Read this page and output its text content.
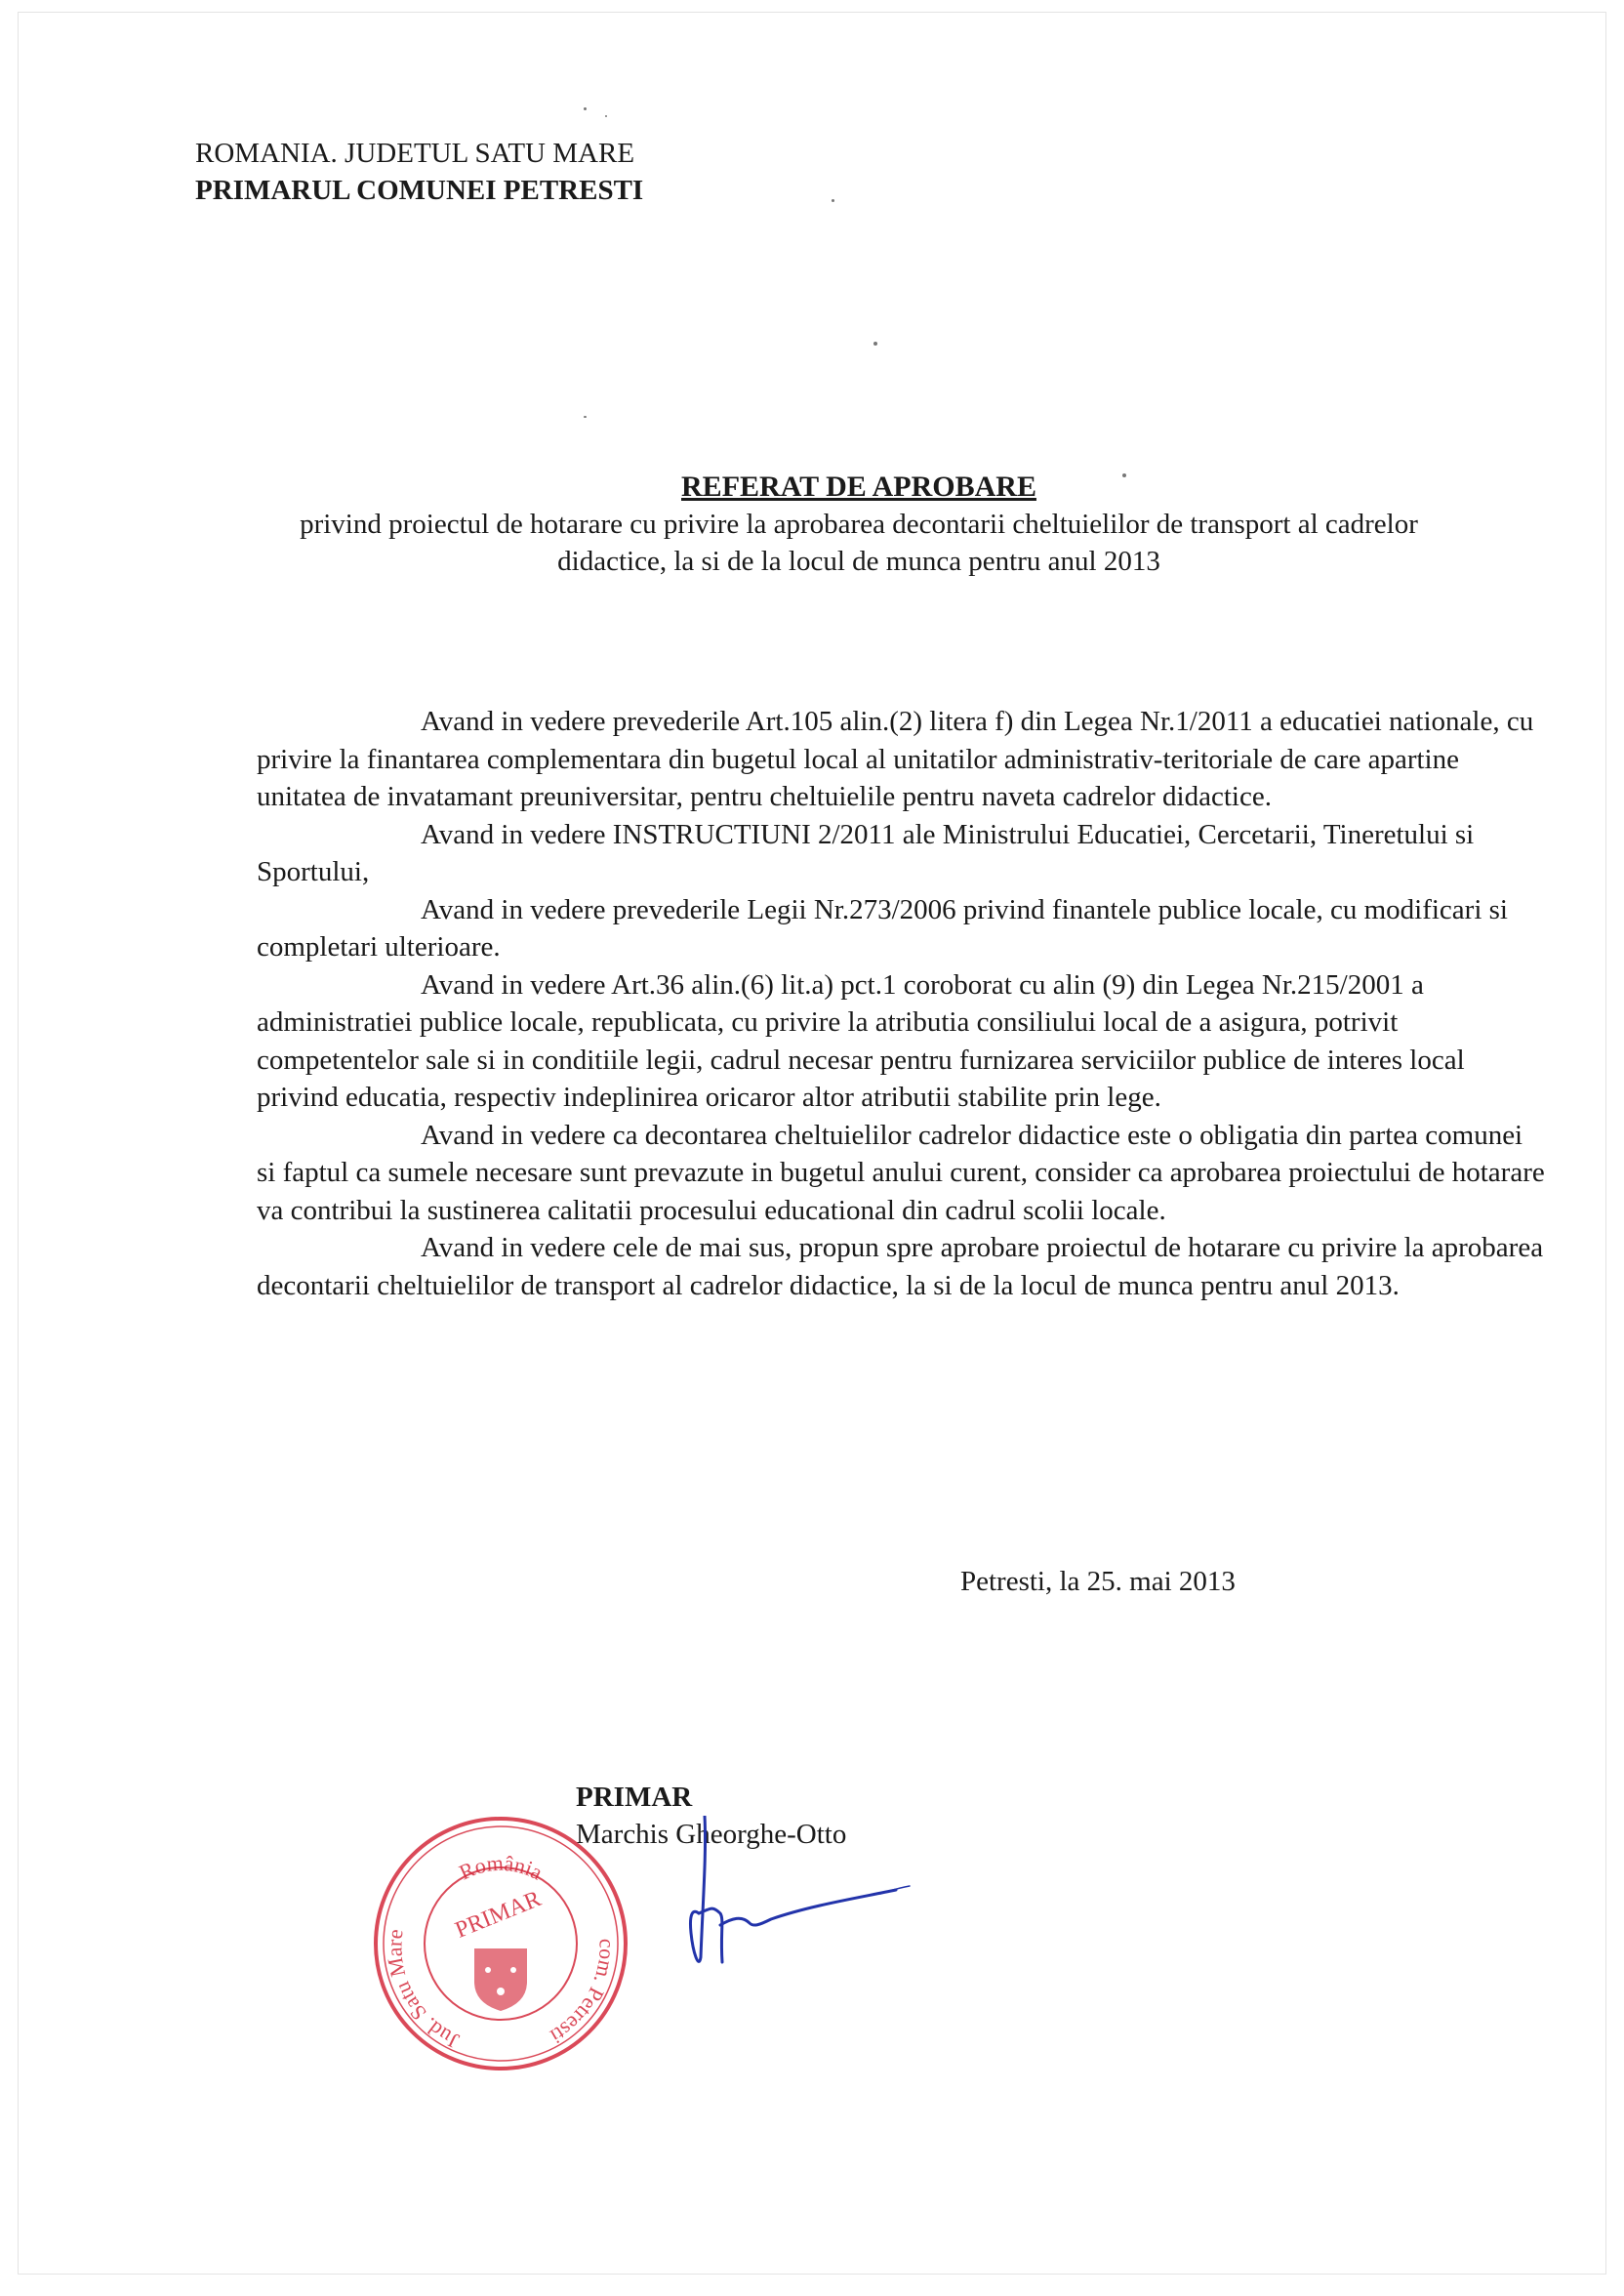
ROMANIA. JUDETUL SATU MARE
PRIMARUL COMUNEI PETRESTI
REFERAT DE APROBARE
privind proiectul de hotarare cu privire la aprobarea decontarii cheltuielilor de transport al cadrelor
didactice, la si de la locul de munca pentru anul 2013

Avand in vedere prevederile Art.105 alin.(2) litera f) din Legea Nr.1/2011 a educatiei nationale, cu privire la finantarea complementara din bugetul local al unitatilor administrativ-teritoriale de care apartine unitatea de invatamant preuniversitar, pentru cheltuielile pentru naveta cadrelor didactice.

Avand in vedere INSTRUCTIUNI 2/2011 ale Ministrului Educatiei, Cercetarii, Tineretului si Sportului,

Avand in vedere prevederile Legii Nr.273/2006 privind finantele publice locale, cu modificari si completari ulterioare.

Avand in vedere Art.36 alin.(6) lit.a) pct.1 coroborat cu alin (9) din Legea Nr.215/2001 a administratiei publice locale, republicata, cu privire la atributia consiliului local de a asigura, potrivit competentelor sale si in conditiile legii, cadrul necesar pentru furnizarea serviciilor publice de interes local privind educatia, respectiv indeplinirea oricaror altor atributii stabilite prin lege.

Avand in vedere ca decontarea cheltuielilor cadrelor didactice este o obligatia din partea comunei si faptul ca sumele necesare sunt prevazute in bugetul anului curent, consider ca aprobarea proiectului de hotarare va contribui la sustinerea calitatii procesului educational din cadrul scolii locale.

Avand in vedere cele de mai sus, propun spre aprobare proiectul de hotarare cu privire la aprobarea decontarii cheltuielilor de transport al cadrelor didactice, la si de la locul de munca pentru anul 2013.

Petresti, la 25. mai 2013
PRIMAR
Marchis Gheorghe-Otto
România
Jud. Satu Mare
com. Petresti
PRIMAR
